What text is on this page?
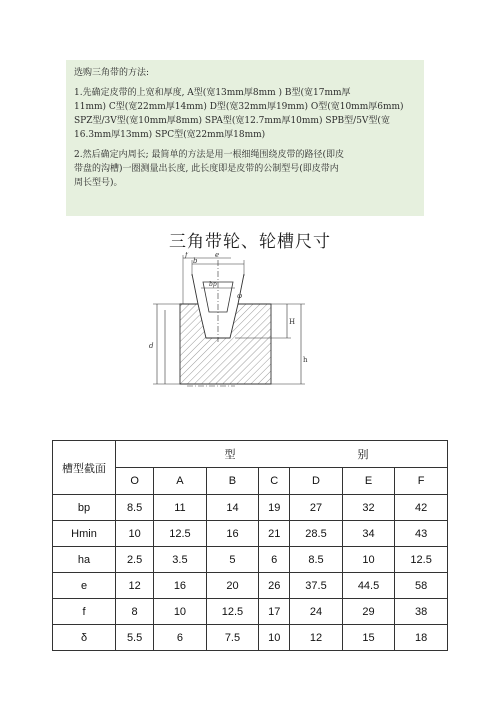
选购三角带的方法:

1.先确定皮带的上宽和厚度, A型(宽13mm厚8mm ) B型(宽17mm厚

11mm) C型(宽22mm厚14mm) D型(宽32mm厚19mm) O型(宽10mm厚6mm)

SPZ型/3V型(宽10mm厚8mm) SPA型(宽12.7mm厚10mm) SPB型/5V型(宽

16.3mm厚13mm) SPC型(宽22mm厚18mm)

2.然后确定内周长; 最简单的方法是用一根细绳围绕皮带的路径(即皮

带盘的沟槽)一圈测量出长度, 此长度即是皮带的公制型号(即皮带内

周长型号)。

三角带轮、轮槽尺寸
b
e
f
bp
φ
H
h
d
槽型截面	型 别						
	O	A	B	C	D	E	F
bp	8.5	11	14	19	27	32	42
Hmin	10	12.5	16	21	28.5	34	43
ha	2.5	3.5	5	6	8.5	10	12.5
e	12	16	20	26	37.5	44.5	58
f	8	10	12.5	17	24	29	38
δ	5.5	6	7.5	10	12	15	18
